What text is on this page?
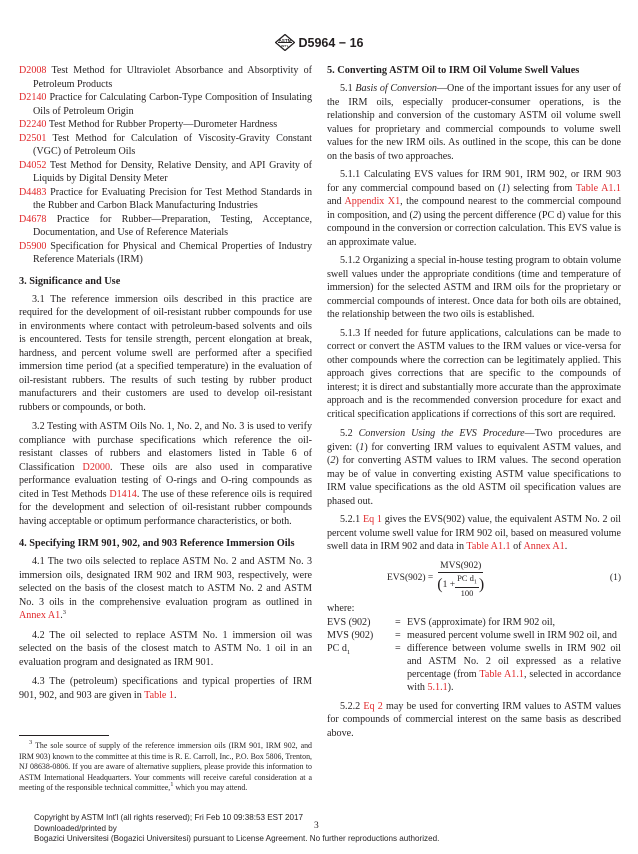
ASTM
INT'L D5964 − 16

D2008 Test Method for Ultraviolet Absorbance and Absorptivity of Petroleum Products

D2140 Practice for Calculating Carbon-Type Composition of Insulating Oils of Petroleum Origin

D2240 Test Method for Rubber Property—Durometer Hardness

D2501 Test Method for Calculation of Viscosity-Gravity Constant (VGC) of Petroleum Oils

D4052 Test Method for Density, Relative Density, and API Gravity of Liquids by Digital Density Meter

D4483 Practice for Evaluating Precision for Test Method Standards in the Rubber and Carbon Black Manufacturing Industries

D4678 Practice for Rubber—Preparation, Testing, Acceptance, Documentation, and Use of Reference Materials

D5900 Specification for Physical and Chemical Properties of Industry Reference Materials (IRM)

3. Significance and Use

3.1 The reference immersion oils described in this practice are required for the development of oil-resistant rubber compounds for use in environments where contact with petroleum-based solvents and oils is encountered. Tests for tensile strength, percent elongation at break, hardness, and percent volume swell are performed after a specified immersion time period (at a specified temperature) in the evaluation of oil-resistant rubbers. The results of such testing by rubber product manufacturers and their customers are used to develop oil-resistant rubbers or compounds, or both.

3.2 Testing with ASTM Oils No. 1, No. 2, and No. 3 is used to verify compliance with purchase specifications which reference the oil-resistant classes of rubbers and elastomers listed in Table 6 of Classification D2000. These oils are also used in comparative performance evaluation testing of O-rings and O-ring compounds as cited in Test Methods D1414. The use of these reference oils is required for the development and selection of oil-resistant rubber compounds having acceptable or optimum performance characteristics, or both.

4. Specifying IRM 901, 902, and 903 Reference Immersion Oils

4.1 The two oils selected to replace ASTM No. 2 and ASTM No. 3 immersion oils, designated IRM 902 and IRM 903, respectively, were selected on the basis of the closest match to ASTM No. 2 and ASTM No. 3 oils in the comprehensive evaluation program as outlined in Annex A1.$^3$

4.2 The oil selected to replace ASTM No. 1 immersion oil was selected on the basis of the closest match to ASTM No. 1 oil in an evaluation program and designated as IRM 901.

4.3 The (petroleum) specifications and typical properties of IRM 901, 902, and 903 are given in Table 1.

$^3$ The sole source of supply of the reference immersion oils (IRM 901, IRM 902, and IRM 903) known to the committee at this time is R. E. Carroll, Inc., P.O. Box 5806, Trenton, NJ 08638-0806. If you are aware of alternative suppliers, please provide this information to ASTM International Headquarters. Your comments will receive careful consideration at a meeting of the responsible technical committee,$^1$ which you may attend.
5. Converting ASTM Oil to IRM Oil Volume Swell Values

5.1 Basis of Conversion—One of the important issues for any user of the IRM oils, especially producer-consumer operations, is the relationship and conversion of the customary ASTM oil volume swell values for proprietary and commercial compounds to volume swell values for the new IRM oils. As outlined in the scope, this can be done on the basis of two approaches.

5.1.1 Calculating EVS values for IRM 901, IRM 902, or IRM 903 for any commercial compound based on (1) selecting from Table A1.1 and Appendix X1, the compound nearest to the commercial compound in composition, and (2) using the percent difference (PC d) value for this compound in the conversion or correction calculation. This EVS value is an approximate value.

5.1.2 Organizing a special in-house testing program to obtain volume swell values under the appropriate conditions (time and temperature of immersion) for the selected ASTM and IRM oils for the proprietary or commercial compounds of interest. Once data for both oils are obtained, the relationship between the two oils is established.

5.1.3 If needed for future applications, calculations can be made to correct or convert the ASTM values to the IRM values or vice-versa for other compounds where the correction can be legitimately applied. This approach gives corrections that are specific to the compounds of interest; it is direct and substantially more accurate than the approximate approach and is the recommended conversion procedure for exact and critical specification applications if corrections of this sort are required.

5.2 Conversion Using the EVS Procedure—Two procedures are given: (1) for converting IRM values to equivalent ASTM values, and (2) for converting ASTM values to IRM values. The second operation may be of value in converting existing ASTM value specifications to IRM value specifications as the old ASTM oil specification values are phased out.

5.2.1 Eq 1 gives the EVS(902) value, the equivalent ASTM No. 2 oil percent volume swell value for IRM 902 oil, based on measured volume swell data in IRM 902 and data in Table A1.1 of Annex A1.

$EVS(902) = \frac{\text{MVS(902)}}{( 1 + \frac{PC d_1}{100} )}$	(1)

where:

EVS (902)	= EVS (approximate) for IRM 902 oil,
MVS (902)	= measured percent volume swell in IRM 902 oil, and
PC $d_1$	= difference between volume swells in IRM 902 oil and ASTM No. 2 oil expressed as a relative percentage (from Table A1.1, selected in accordance with 5.1.1).

5.2.2 Eq 2 may be used for converting IRM values to ASTM values for compounds of commercial interest on the same basis as described above.

3
Copyright by ASTM Int'l (all rights reserved); Fri Feb 10 09:38:53 EST 2017
Downloaded/printed by
Bogazici Universitesi (Bogazici Universitesi) pursuant to License Agreement. No further reproductions authorized.
